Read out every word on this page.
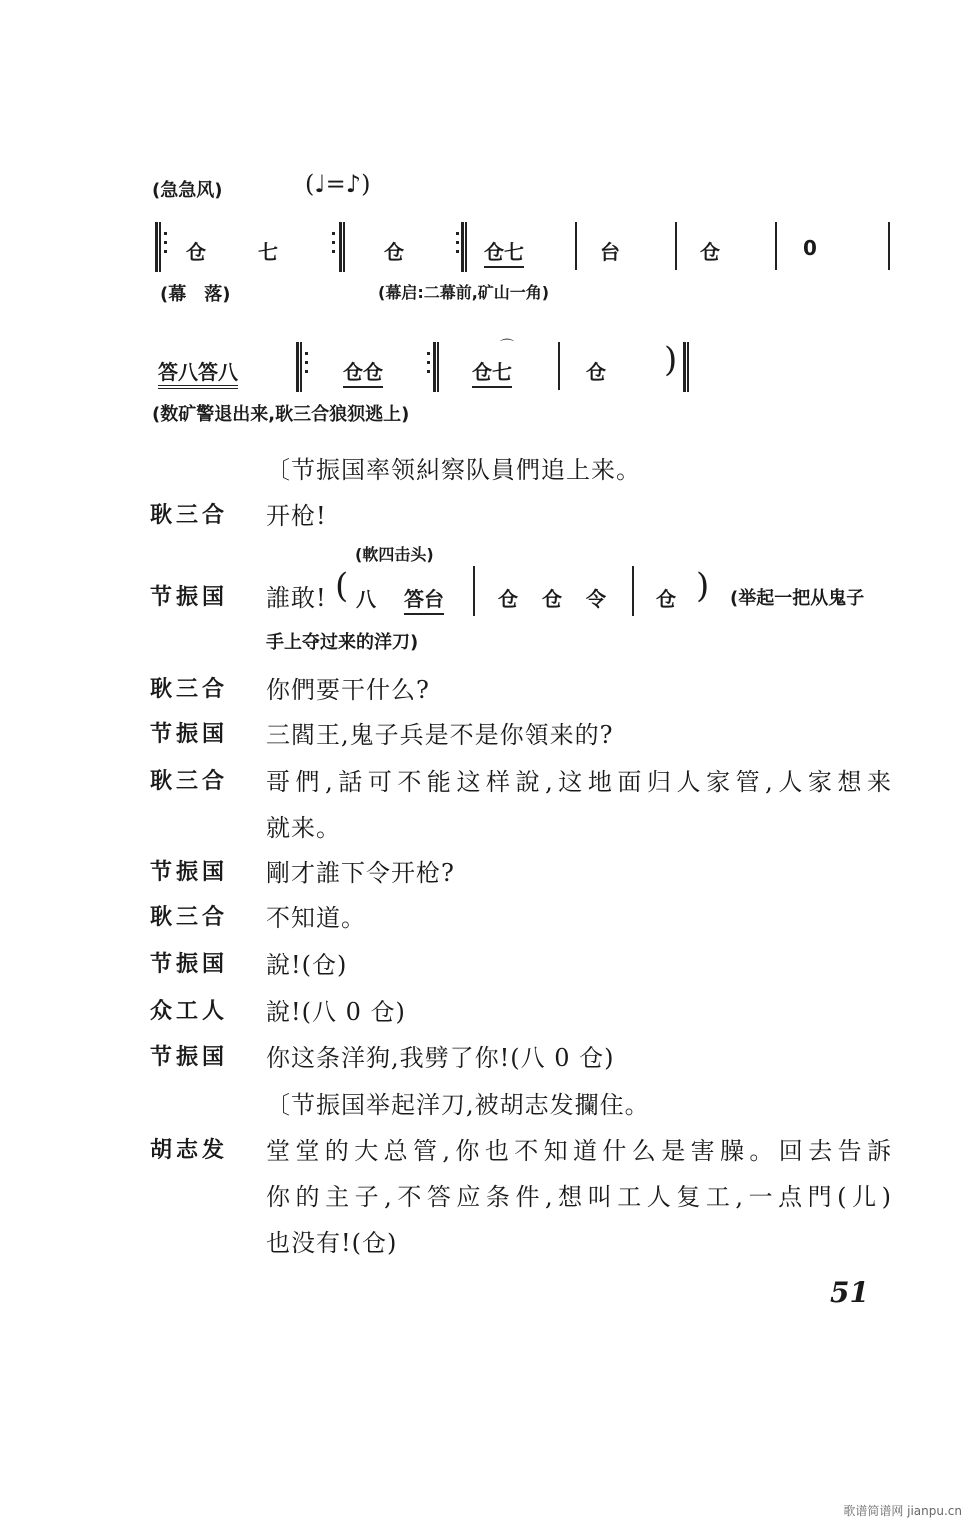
(急急风)	(♩=♪)
仓	七	仓	仓七	台	仓	0
(幕　落)	(幕启:二幕前,矿山一角)
答八答八	仓仓
⌒
仓七	仓 )
(数矿警退出来,耿三合狼狈逃上)
〔节振国率领糾察队員們追上来。
耿三合 开枪!
(軟四击头)
节振国 誰敢! ( 八 答台	仓 仓 令	仓 ) (举起一把从鬼子
手上夺过来的洋刀)
耿三合 你們要干什么?
节振国 三閻王,鬼子兵是不是你領来的?
耿三合 哥們,話可不能这样說,这地面归人家管,人家想来
就来。
节振国 剛才誰下令开枪?
耿三合 不知道。
节振国 說!(仓)
众工人 說!(八 0 仓)
节振国 你这条洋狗,我劈了你!(八 0 仓)
〔节振国举起洋刀,被胡志发攔住。
胡志发 堂堂的大总管,你也不知道什么是害臊。回去告訴
你的主子,不答应条件,想叫工人复工,一点門(儿)
也没有!(仓)
51
歌谱简谱网 jianpu.cn
